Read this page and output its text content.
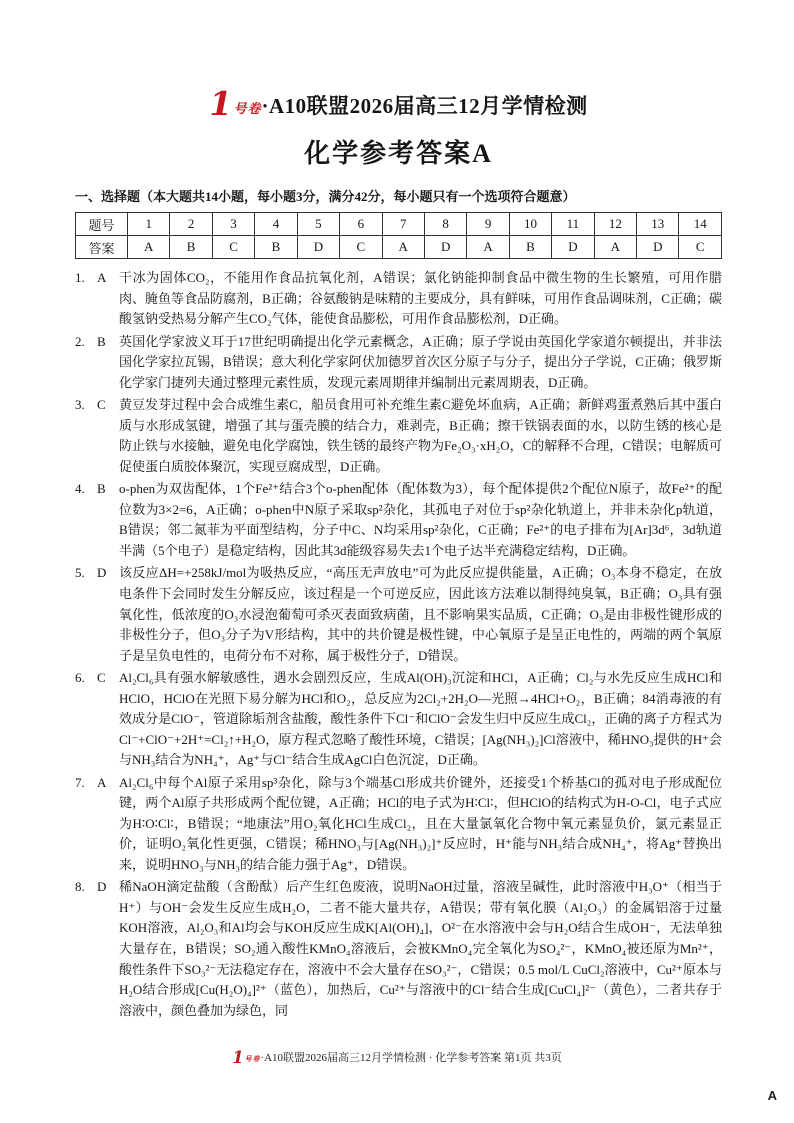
1号卷·A10联盟2026届高三12月学情检测
化学参考答案A
一、选择题（本大题共14小题，每小题3分，满分42分，每小题只有一个选项符合题意）
题号	1	2	3	4	5	6	7	8	9	10	11	12	13	14
答案	A	B	C	B	D	C	A	D	A	B	D	A	D	C
1. A 干冰为固体CO₂，不能用作食品抗氧化剂，A错误；氯化钠能抑制食品中微生物的生长繁殖，可用作腊肉、腌鱼等食品防腐剂，B正确；谷氨酸钠是味精的主要成分，具有鲜味，可用作食品调味剂，C正确；碳酸氢钠受热易分解产生CO₂气体，能使食品膨松，可用作食品膨松剂，D正确。
2. B	英国化学家波义耳于17世纪明确提出化学元素概念，A正确；原子学说由英国化学家道尔顿提出，并非法国化学家拉瓦锡，B错误；意大利化学家阿伏加德罗首次区分原子与分子，提出分子学说，C正确；俄罗斯化学家门捷列夫通过整理元素性质，发现元素周期律并编制出元素周期表，D正确。
3. C	黄豆发芽过程中会合成维生素C，船员食用可补充维生素C避免坏血病，A正确；新鲜鸡蛋煮熟后其中蛋白质与水形成氢键，增强了其与蛋壳膜的结合力，难剥壳，B正确；擦干铁锅表面的水，以防生锈的核心是防止铁与水接触，避免电化学腐蚀，铁生锈的最终产物为Fe₂O₃·xH₂O，C的解释不合理，C错误；电解质可促使蛋白质胶体聚沉，实现豆腐成型，D正确。
4. B	o-phen为双齿配体，1个Fe²⁺结合3个o-phen配体（配体数为3），每个配体提供2个配位N原子，故Fe²⁺的配位数为3×2=6，A正确；o-phen中N原子采取sp²杂化，其孤电子对位于sp²杂化轨道上，并非未杂化p轨道，B错误；邻二氮菲为平面型结构，分子中C、N均采用sp²杂化，C正确；Fe²⁺的电子排布为[Ar]3d⁶，3d轨道半满（5个电子）是稳定结构，因此其3d能级容易失去1个电子达半充满稳定结构，D正确。
5. D 该反应ΔH=+258kJ/mol为吸热反应，“高压无声放电”可为此反应提供能量，A正确；O₃本身不稳定，在放电条件下会同时发生分解反应，该过程是一个可逆反应，因此该方法难以制得纯臭氧，B正确；O₃具有强氧化性，低浓度的O₃水浸泡葡萄可杀灭表面致病菌，且不影响果实品质，C正确；O₃是由非极性键形成的非极性分子，但O₃分子为V形结构，其中的共价键是极性键，中心氧原子是呈正电性的，两端的两个氧原子是呈负电性的，电荷分布不对称，属于极性分子，D错误。
6. C	Al₂Cl₆具有强水解敏感性，遇水会剧烈反应，生成Al(OH)₃沉淀和HCl，A正确；Cl₂与水先反应生成HCl和HClO，HClO在光照下易分解为HCl和O₂，总反应为2Cl₂+2H₂O—光照→4HCl+O₂，B正确；84消毒液的有效成分是ClO⁻，管道除垢剂含盐酸，酸性条件下Cl⁻和ClO⁻会发生归中反应生成Cl₂，正确的离子方程式为Cl⁻+ClO⁻+2H⁺=Cl₂↑+H₂O，原方程式忽略了酸性环境，C错误；[Ag(NH₃)₂]Cl溶液中，稀HNO₃提供的H⁺会与NH₃结合为NH₄⁺，Ag⁺与Cl⁻结合生成AgCl白色沉淀，D正确。
7. A Al₂Cl₆中每个Al原子采用sp³杂化，除与3个端基Cl形成共价键外，还接受1个桥基Cl的孤对电子形成配位键，两个Al原子共形成两个配位键，A正确；HCl的电子式为H∶Cl∶，但HClO的结构式为H-O-Cl，电子式应为H∶O∶Cl∶，B错误；“地康法”用O₂氧化HCl生成Cl₂，且在大量氯氧化合物中氧元素显负价，氯元素显正价，证明O₂氧化性更强，C错误；稀HNO₃与[Ag(NH₃)₂]⁺反应时，H⁺能与NH₃结合成NH₄⁺，将Ag⁺替换出来，说明HNO₃与NH₃的结合能力强于Ag⁺，D错误。
8. D 稀NaOH滴定盐酸（含酚酞）后产生红色废液，说明NaOH过量，溶液呈碱性，此时溶液中H₃O⁺（相当于H⁺）与OH⁻会发生反应生成H₂O，二者不能大量共存，A错误；带有氧化膜（Al₂O₃）的金属铝溶于过量KOH溶液，Al₂O₃和Al均会与KOH反应生成K[Al(OH)₄]，O²⁻在水溶液中会与H₂O结合生成OH⁻，无法单独大量存在，B错误；SO₂通入酸性KMnO₄溶液后，会被KMnO₄完全氧化为SO₄²⁻，KMnO₄被还原为Mn²⁺，酸性条件下SO₃²⁻无法稳定存在，溶液中不会大量存在SO₃²⁻，C错误；0.5 mol/L CuCl₂溶液中，Cu²⁺原本与H₂O结合形成[Cu(H₂O)₄]²⁺（蓝色），加热后，Cu²⁺与溶液中的Cl⁻结合生成[CuCl₄]²⁻（黄色），二者共存于溶液中，颜色叠加为绿色，同
1号卷·A10联盟2026届高三12月学情检测 · 化学参考答案 第1页 共3页
A
